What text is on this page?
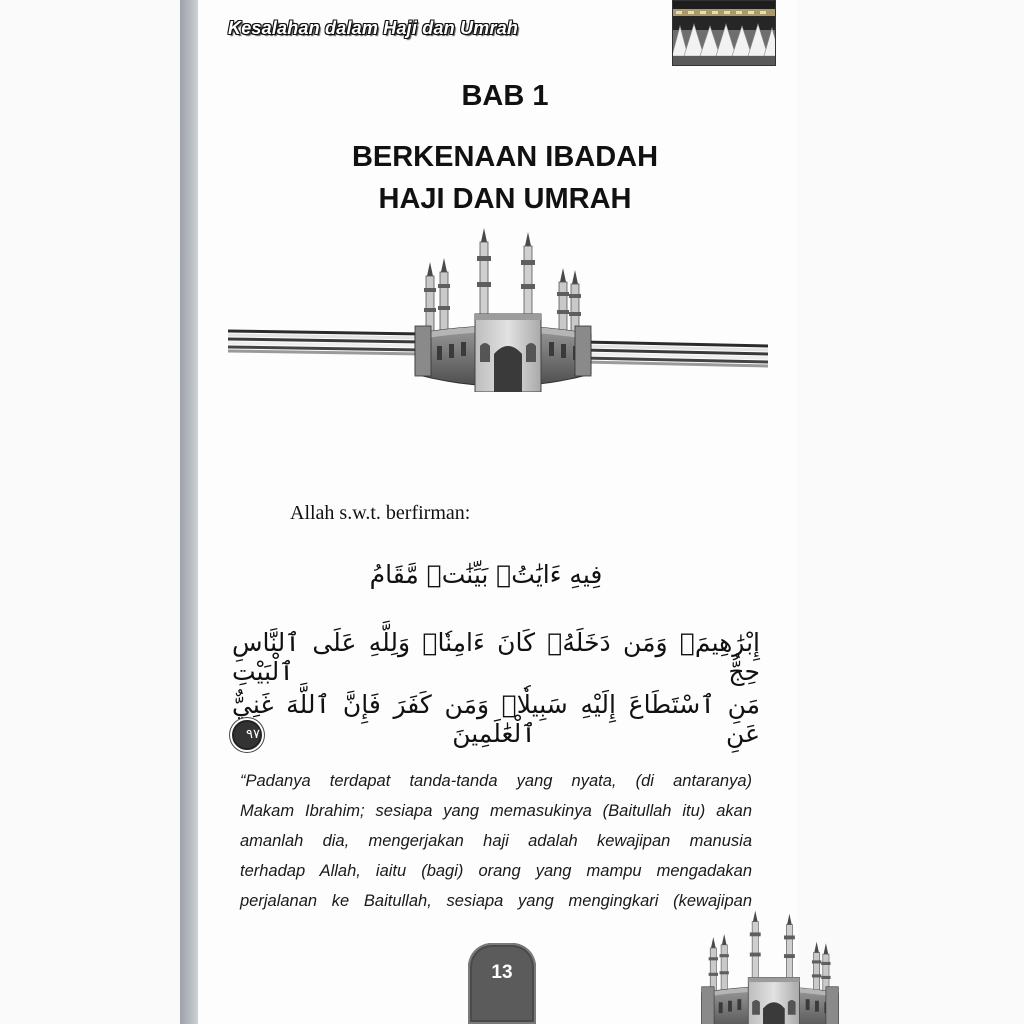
Kesalahan dalam Haji dan Umrah
BAB 1
BERKENAAN IBADAH
HAJI DAN UMRAH
Allah s.w.t. berfirman:
فِيهِ ءَايَٰتُۢ بَيِّنَٰتٞ مَّقَامُ
إِبْرَٰهِيمَۖ وَمَن دَخَلَهُۥ كَانَ ءَامِنٗاۗ وَلِلَّهِ عَلَى ٱلنَّاسِ حِجُّ ٱلْبَيْتِ
مَنِ ٱسْتَطَاعَ إِلَيْهِ سَبِيلٗاۚ وَمَن كَفَرَ فَإِنَّ ٱللَّهَ غَنِيٌّ عَنِ ٱلْعَٰلَمِينَ ٩٧
“Padanya terdapat tanda-tanda yang nyata, (di antaranya)
Makam Ibrahim; sesiapa yang memasukinya (Baitullah itu) akan
amanlah dia, mengerjakan haji adalah kewajipan manusia
terhadap Allah, iaitu (bagi) orang yang mampu mengadakan
perjalanan ke Baitullah, sesiapa yang mengingkari (kewajipan
13
